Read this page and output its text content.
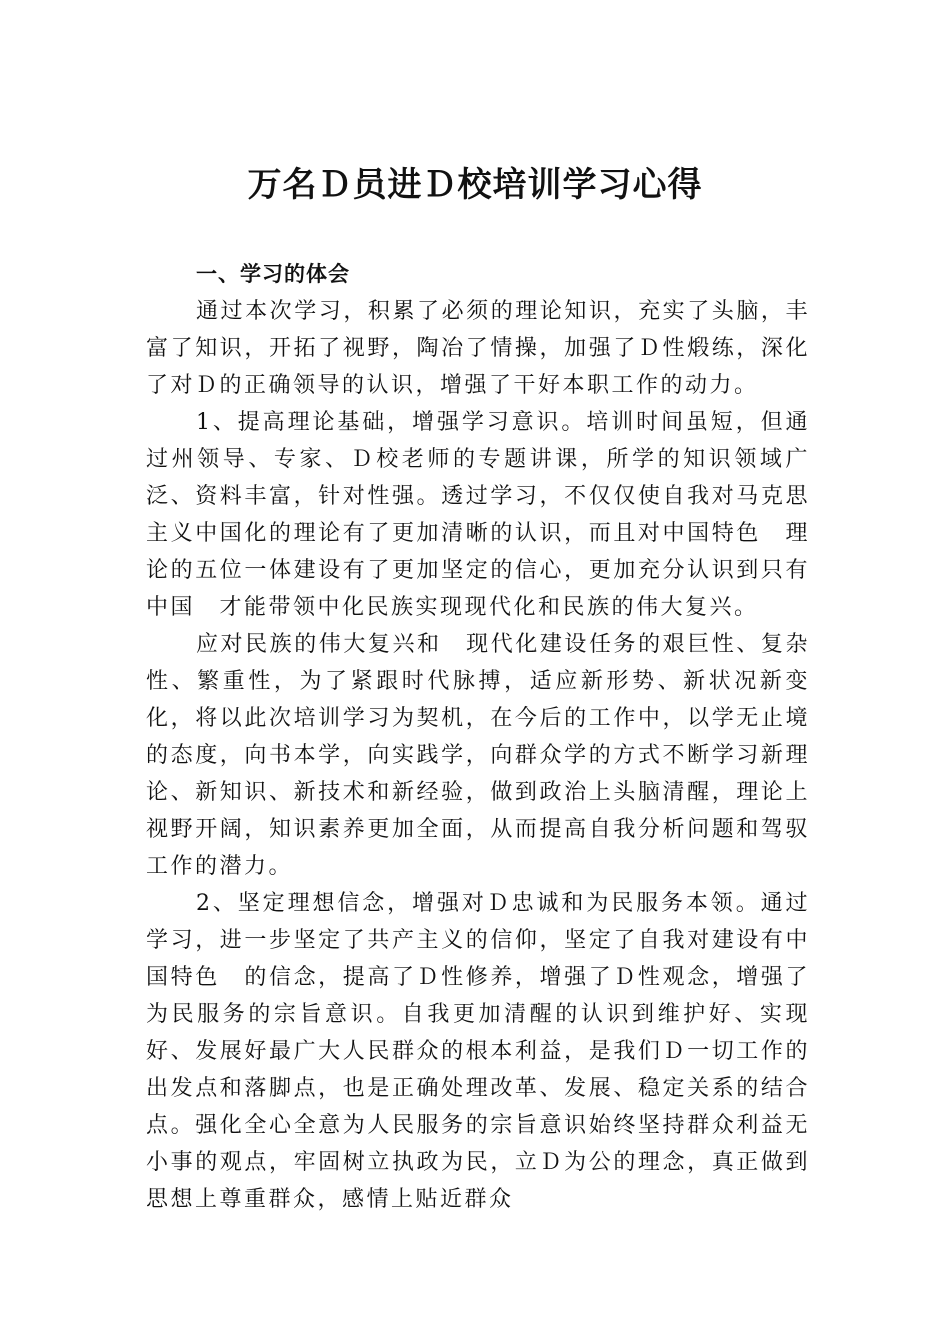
万名Ｄ员进Ｄ校培训学习心得
一、学习的体会

通过本次学习，积累了必须的理论知识，充实了头脑，丰富了知识，开拓了视野，陶冶了情操，加强了Ｄ性煅练，深化了对Ｄ的正确领导的认识，增强了干好本职工作的动力。

1、提高理论基础，增强学习意识。培训时间虽短，但通过州领导、专家、Ｄ校老师的专题讲课，所学的知识领域广泛、资料丰富，针对性强。透过学习，不仅仅使自我对马克思主义中国化的理论有了更加清晰的认识，而且对中国特色　理论的五位一体建设有了更加坚定的信心，更加充分认识到只有中国　才能带领中化民族实现现代化和民族的伟大复兴。

应对民族的伟大复兴和　现代化建设任务的艰巨性、复杂性、繁重性，为了紧跟时代脉搏，适应新形势、新状况新变化，将以此次培训学习为契机，在今后的工作中，以学无止境的态度，向书本学，向实践学，向群众学的方式不断学习新理论、新知识、新技术和新经验，做到政治上头脑清醒，理论上视野开阔，知识素养更加全面，从而提高自我分析问题和驾驭工作的潜力。

2、坚定理想信念，增强对Ｄ忠诚和为民服务本领。通过学习，进一步坚定了共产主义的信仰，坚定了自我对建设有中国特色　的信念，提高了Ｄ性修养，增强了Ｄ性观念，增强了为民服务的宗旨意识。自我更加清醒的认识到维护好、实现好、发展好最广大人民群众的根本利益，是我们Ｄ一切工作的出发点和落脚点，也是正确处理改革、发展、稳定关系的结合点。强化全心全意为人民服务的宗旨意识始终坚持群众利益无小事的观点，牢固树立执政为民，立Ｄ为公的理念，真正做到思想上尊重群众，感情上贴近群众
